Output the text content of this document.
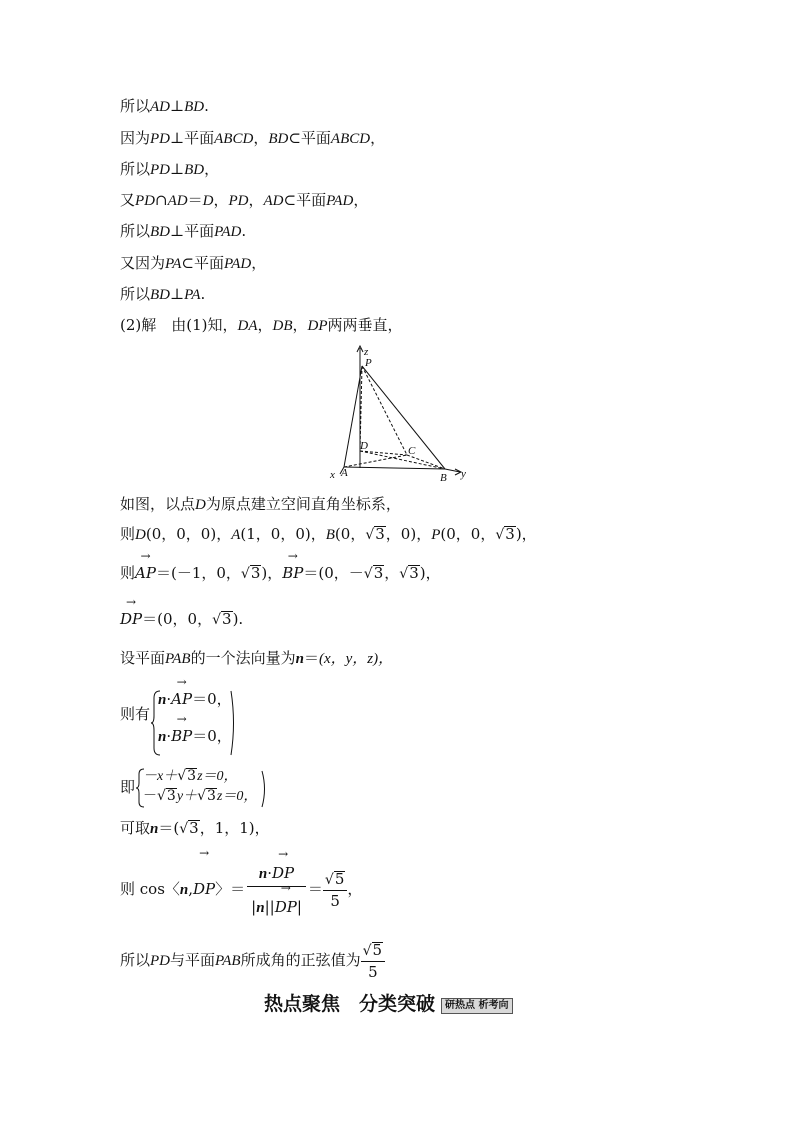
所以AD⊥BD.
因为PD⊥平面ABCD，BD⊂平面ABCD，
所以PD⊥BD，
又PD∩AD＝D，PD，AD⊂平面PAD，
所以BD⊥平面PAD.
又因为PA⊂平面PAD，
所以BD⊥PA.
(2)解　 由(1)知，DA，DB，DP两两垂直，
z
P
D	C
A
x	B y
如图，以点D为原点建立空间直角坐标系，
则D(0，0，0)，A(1，0，0)，B(0，√3，0)，P(0，0，√3)，
则→ AP＝(－1，0，√3)，→ BP＝(0，－√3，√3)，
→ DP＝(0，0，√3).
设平面PAB的一个法向量为n＝(x，y，z)，
则有
n·→ AP＝0，
n·→ BP＝0，
即
－x＋√3z＝0，
－√3y＋√3z＝0，
可取n＝(√3，1，1)，
则 cos〈n,→ DP〉＝ $\frac{n\cdot\to DP}{|n||\to DP|} = \frac{√5}{5}$ ，
所以PD与平面PAB所成角的正弦值为 $\frac{√5}{5}$
热点聚焦　分类突破 研热点 析考向
